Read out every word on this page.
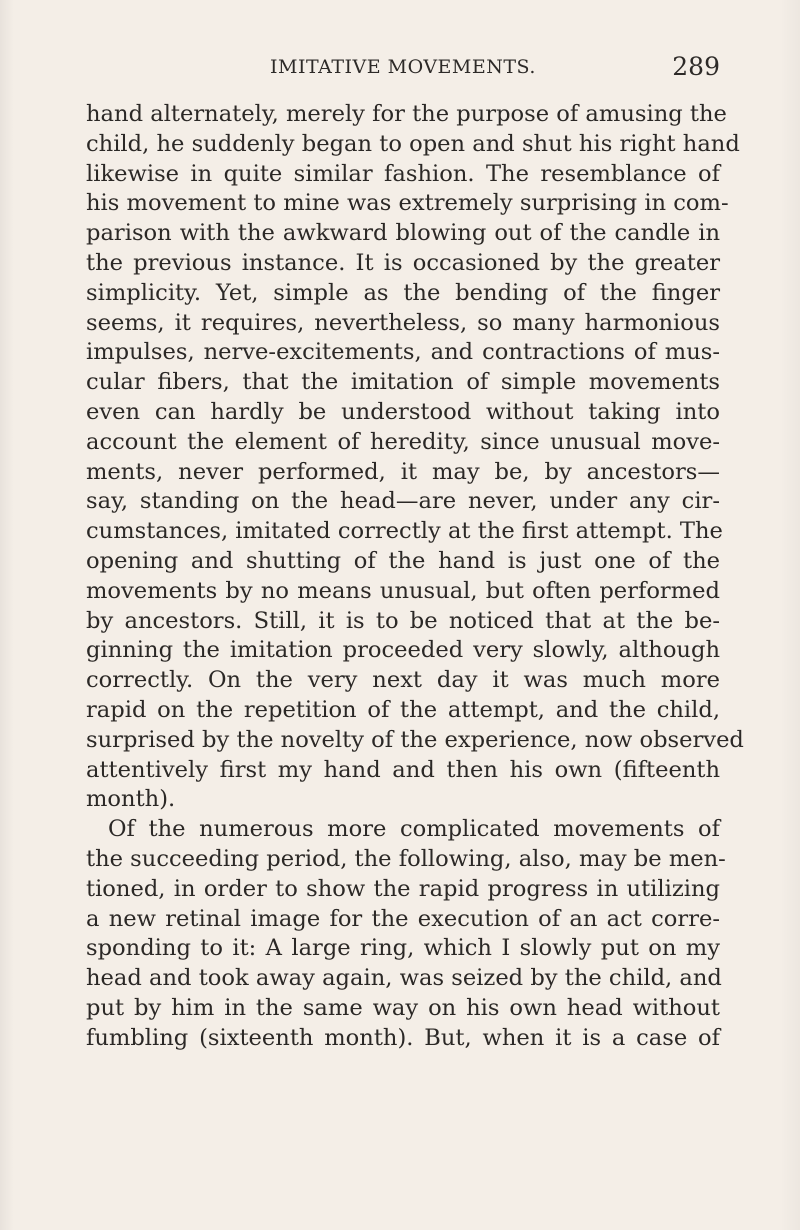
IMITATIVE MOVEMENTS.	289
hand alternately, merely for the purpose of amusing the
child, he suddenly began to open and shut his right hand
likewise in quite similar fashion. The resemblance of
his movement to mine was extremely surprising in com-
parison with the awkward blowing out of the candle in
the previous instance. It is occasioned by the greater
simplicity. Yet, simple as the bending of the finger
seems, it requires, nevertheless, so many harmonious
impulses, nerve-excitements, and contractions of mus-
cular fibers, that the imitation of simple movements
even can hardly be understood without taking into
account the element of heredity, since unusual move-
ments, never performed, it may be, by ancestors—
say, standing on the head—are never, under any cir-
cumstances, imitated correctly at the first attempt. The
opening and shutting of the hand is just one of the
movements by no means unusual, but often performed
by ancestors. Still, it is to be noticed that at the be-
ginning the imitation proceeded very slowly, although
correctly. On the very next day it was much more
rapid on the repetition of the attempt, and the child,
surprised by the novelty of the experience, now observed
attentively first my hand and then his own (fifteenth
month).
Of the numerous more complicated movements of
the succeeding period, the following, also, may be men-
tioned, in order to show the rapid progress in utilizing
a new retinal image for the execution of an act corre-
sponding to it: A large ring, which I slowly put on my
head and took away again, was seized by the child, and
put by him in the same way on his own head without
fumbling (sixteenth month). But, when it is a case of
